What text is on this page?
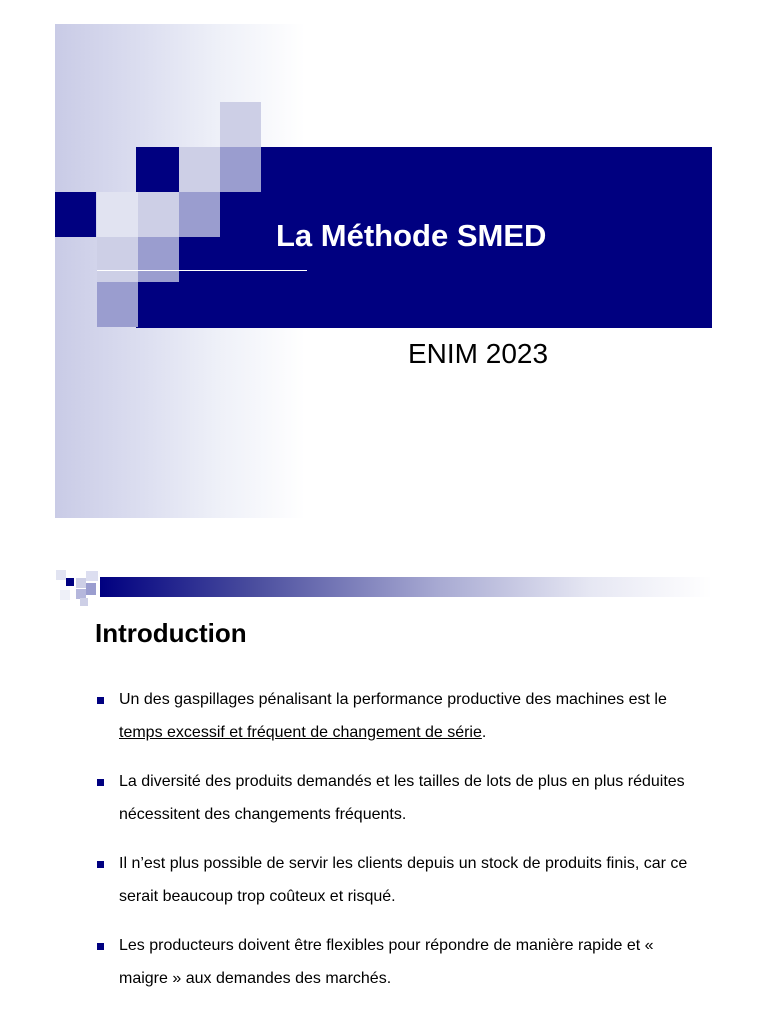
La Méthode SMED
ENIM 2023
Introduction
Un des gaspillages pénalisant la performance productive des machines est le temps excessif et fréquent de changement de série.
La diversité des produits demandés et les tailles de lots de plus en plus réduites nécessitent des changements fréquents.
Il n’est plus possible de servir les clients depuis un stock de produits finis, car ce serait beaucoup trop coûteux et risqué.
Les producteurs doivent être flexibles pour répondre de manière rapide et « maigre » aux demandes des marchés.
